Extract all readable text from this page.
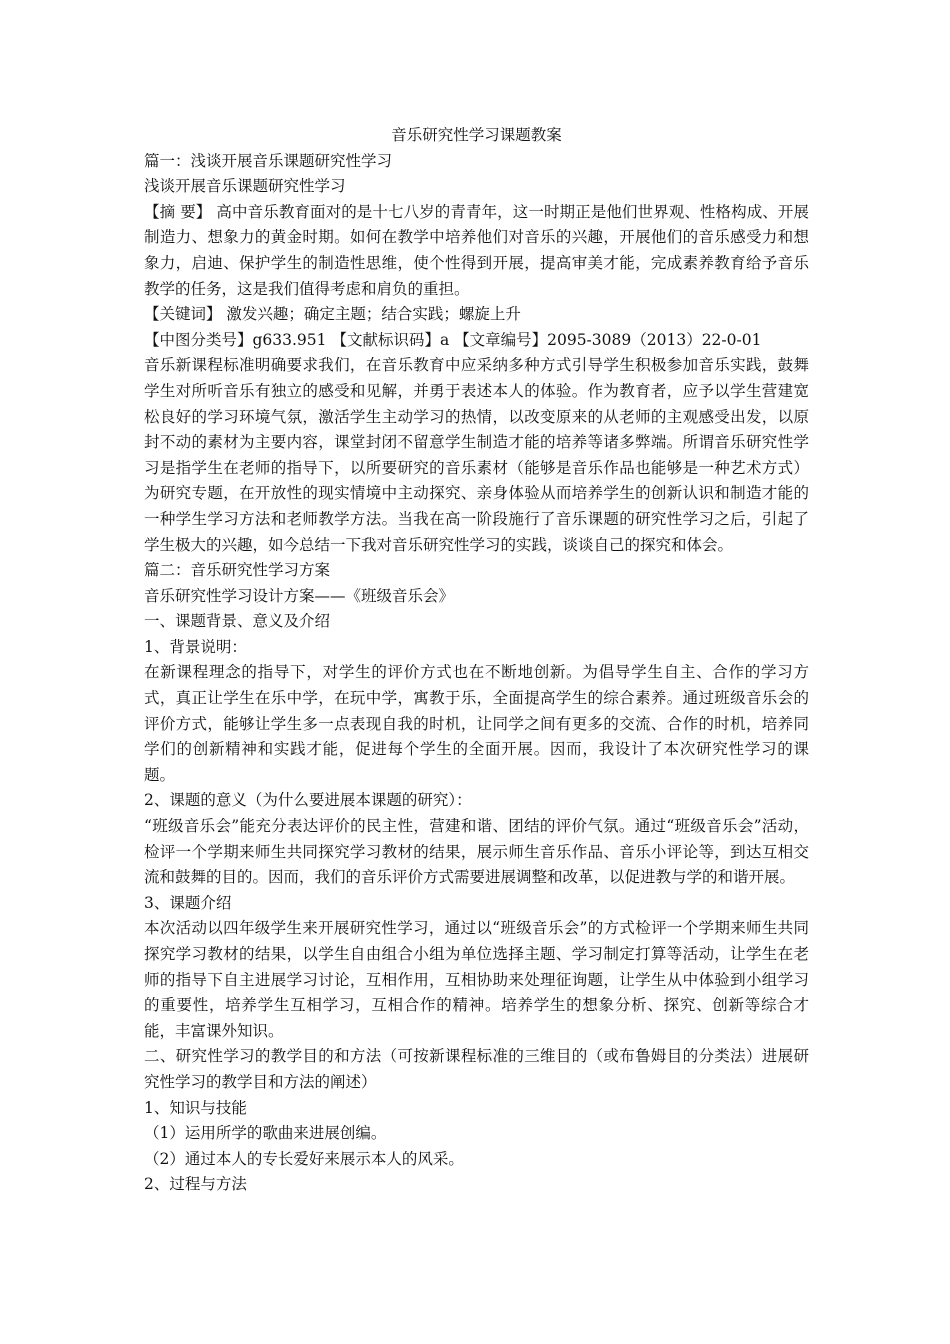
音乐研究性学习课题教案

篇一：浅谈开展音乐课题研究性学习

浅谈开展音乐课题研究性学习

【摘 要】 高中音乐教育面对的是十七八岁的青青年，这一时期正是他们世界观、性格构成、开展制造力、想象力的黄金时期。如何在教学中培养他们对音乐的兴趣，开展他们的音乐感受力和想象力，启迪、保护学生的制造性思维，使个性得到开展，提高审美才能，完成素养教育给予音乐教学的任务，这是我们值得考虑和肩负的重担。

【关键词】 激发兴趣；确定主题；结合实践；螺旋上升

【中图分类号】g633.951 【文献标识码】a 【文章编号】2095-3089（2013）22-0-01

音乐新课程标准明确要求我们，在音乐教育中应采纳多种方式引导学生积极参加音乐实践，鼓舞学生对所听音乐有独立的感受和见解，并勇于表述本人的体验。作为教育者，应予以学生营建宽松良好的学习环境气氛，激活学生主动学习的热情，以改变原来的从老师的主观感受出发，以原封不动的素材为主要内容，课堂封闭不留意学生制造才能的培养等诸多弊端。所谓音乐研究性学习是指学生在老师的指导下，以所要研究的音乐素材（能够是音乐作品也能够是一种艺术方式）为研究专题，在开放性的现实情境中主动探究、亲身体验从而培养学生的创新认识和制造才能的一种学生学习方法和老师教学方法。当我在高一阶段施行了音乐课题的研究性学习之后，引起了学生极大的兴趣，如今总结一下我对音乐研究性学习的实践，谈谈自己的探究和体会。

篇二：音乐研究性学习方案

音乐研究性学习设计方案——《班级音乐会》

一、课题背景、意义及介绍

1、背景说明：

在新课程理念的指导下，对学生的评价方式也在不断地创新。为倡导学生自主、合作的学习方式，真正让学生在乐中学，在玩中学，寓教于乐，全面提高学生的综合素养。通过班级音乐会的评价方式，能够让学生多一点表现自我的时机，让同学之间有更多的交流、合作的时机，培养同学们的创新精神和实践才能，促进每个学生的全面开展。因而，我设计了本次研究性学习的课题。

2、课题的意义（为什么要进展本课题的研究）：

“班级音乐会”能充分表达评价的民主性，营建和谐、团结的评价气氛。通过“班级音乐会”活动，检评一个学期来师生共同探究学习教材的结果，展示师生音乐作品、音乐小评论等，到达互相交流和鼓舞的目的。因而，我们的音乐评价方式需要进展调整和改革，以促进教与学的和谐开展。

3、课题介绍

本次活动以四年级学生来开展研究性学习，通过以“班级音乐会”的方式检评一个学期来师生共同探究学习教材的结果，以学生自由组合小组为单位选择主题、学习制定打算等活动，让学生在老师的指导下自主进展学习讨论，互相作用，互相协助来处理征询题，让学生从中体验到小组学习的重要性，培养学生互相学习，互相合作的精神。培养学生的想象分析、探究、创新等综合才能，丰富课外知识。

二、研究性学习的教学目的和方法（可按新课程标准的三维目的（或布鲁姆目的分类法）进展研究性学习的教学目和方法的阐述）

1、知识与技能

（1）运用所学的歌曲来进展创编。

（2）通过本人的专长爱好来展示本人的风采。

2、过程与方法
